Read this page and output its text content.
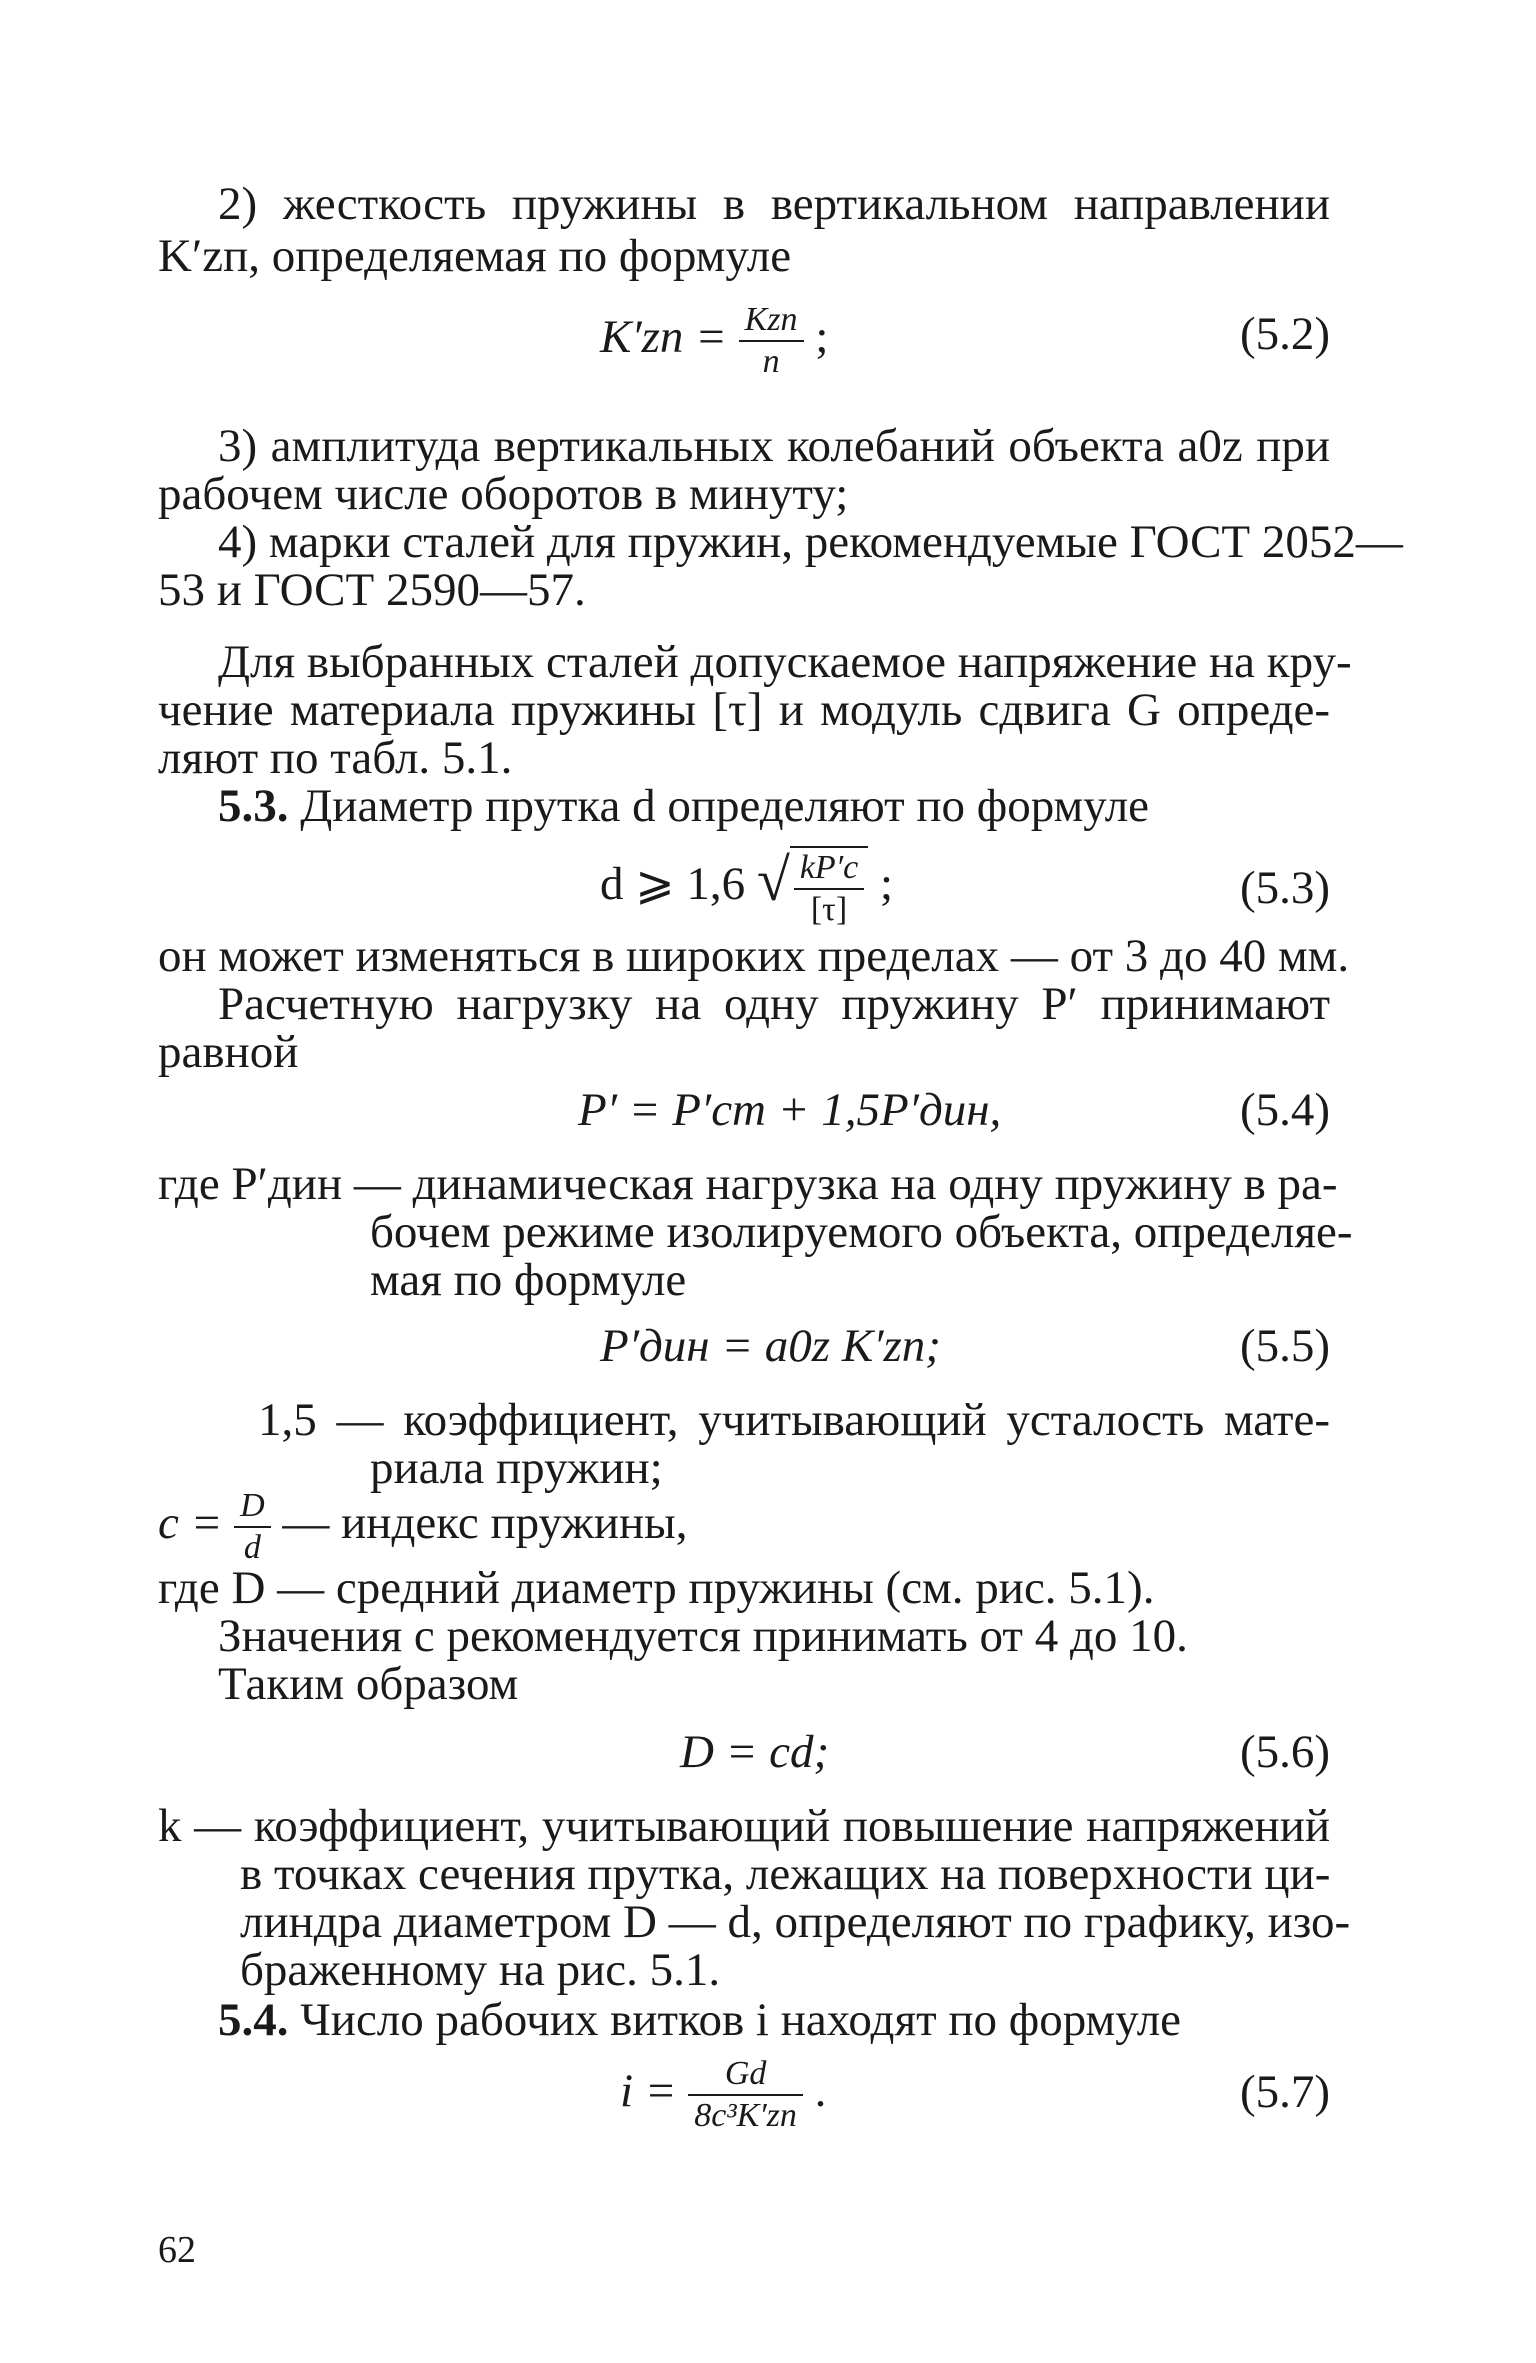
2) жесткость пружины в вертикальном направлении
K′zп, определяемая по формуле
$K'zп = \frac{\text{Kzп}}{n}$ ;	(5.2)
3) амплитуда вертикальных колебаний объекта a0z при
рабочем числе оборотов в минуту;
4) марки сталей для пружин, рекомендуемые ГОСТ 2052—
53 и ГОСТ 2590—57.
Для выбранных сталей допускаемое напряжение на кру-
чение материала пружины [τ] и модуль сдвига G опреде-
ляют по табл. 5.1.
5.3. Диаметр прутка d определяют по формуле
d ⩾ 1,6 √ $\frac{kP'c}{[\tau]}$ ;	(5.3)
он может изменяться в широких пределах — от 3 до 40 мм.
Расчетную нагрузку на одну пружину P′ принимают
равной
P′ = P′ст + 1,5P′дин,	(5.4)
где P′дин — динамическая нагрузка на одну пружину в ра-
бочем режиме изолируемого объекта, определяе-
мая по формуле
P′дин = a0z K′zп;	(5.5)
1,5 — коэффициент, учитывающий усталость мате-
риала пружин;
$c = \frac{D}{d}$ — индекс пружины,
где D — средний диаметр пружины (см. рис. 5.1).
Значения c рекомендуется принимать от 4 до 10.
Таким образом
D = cd;	(5.6)
k — коэффициент, учитывающий повышение напряжений
в точках сечения прутка, лежащих на поверхности ци-
линдра диаметром D — d, определяют по графику, изо-
браженному на рис. 5.1.
5.4. Число рабочих витков i находят по формуле
$i = \frac{Gd}{\text{8c³K′zп}}$ .	(5.7)
62
